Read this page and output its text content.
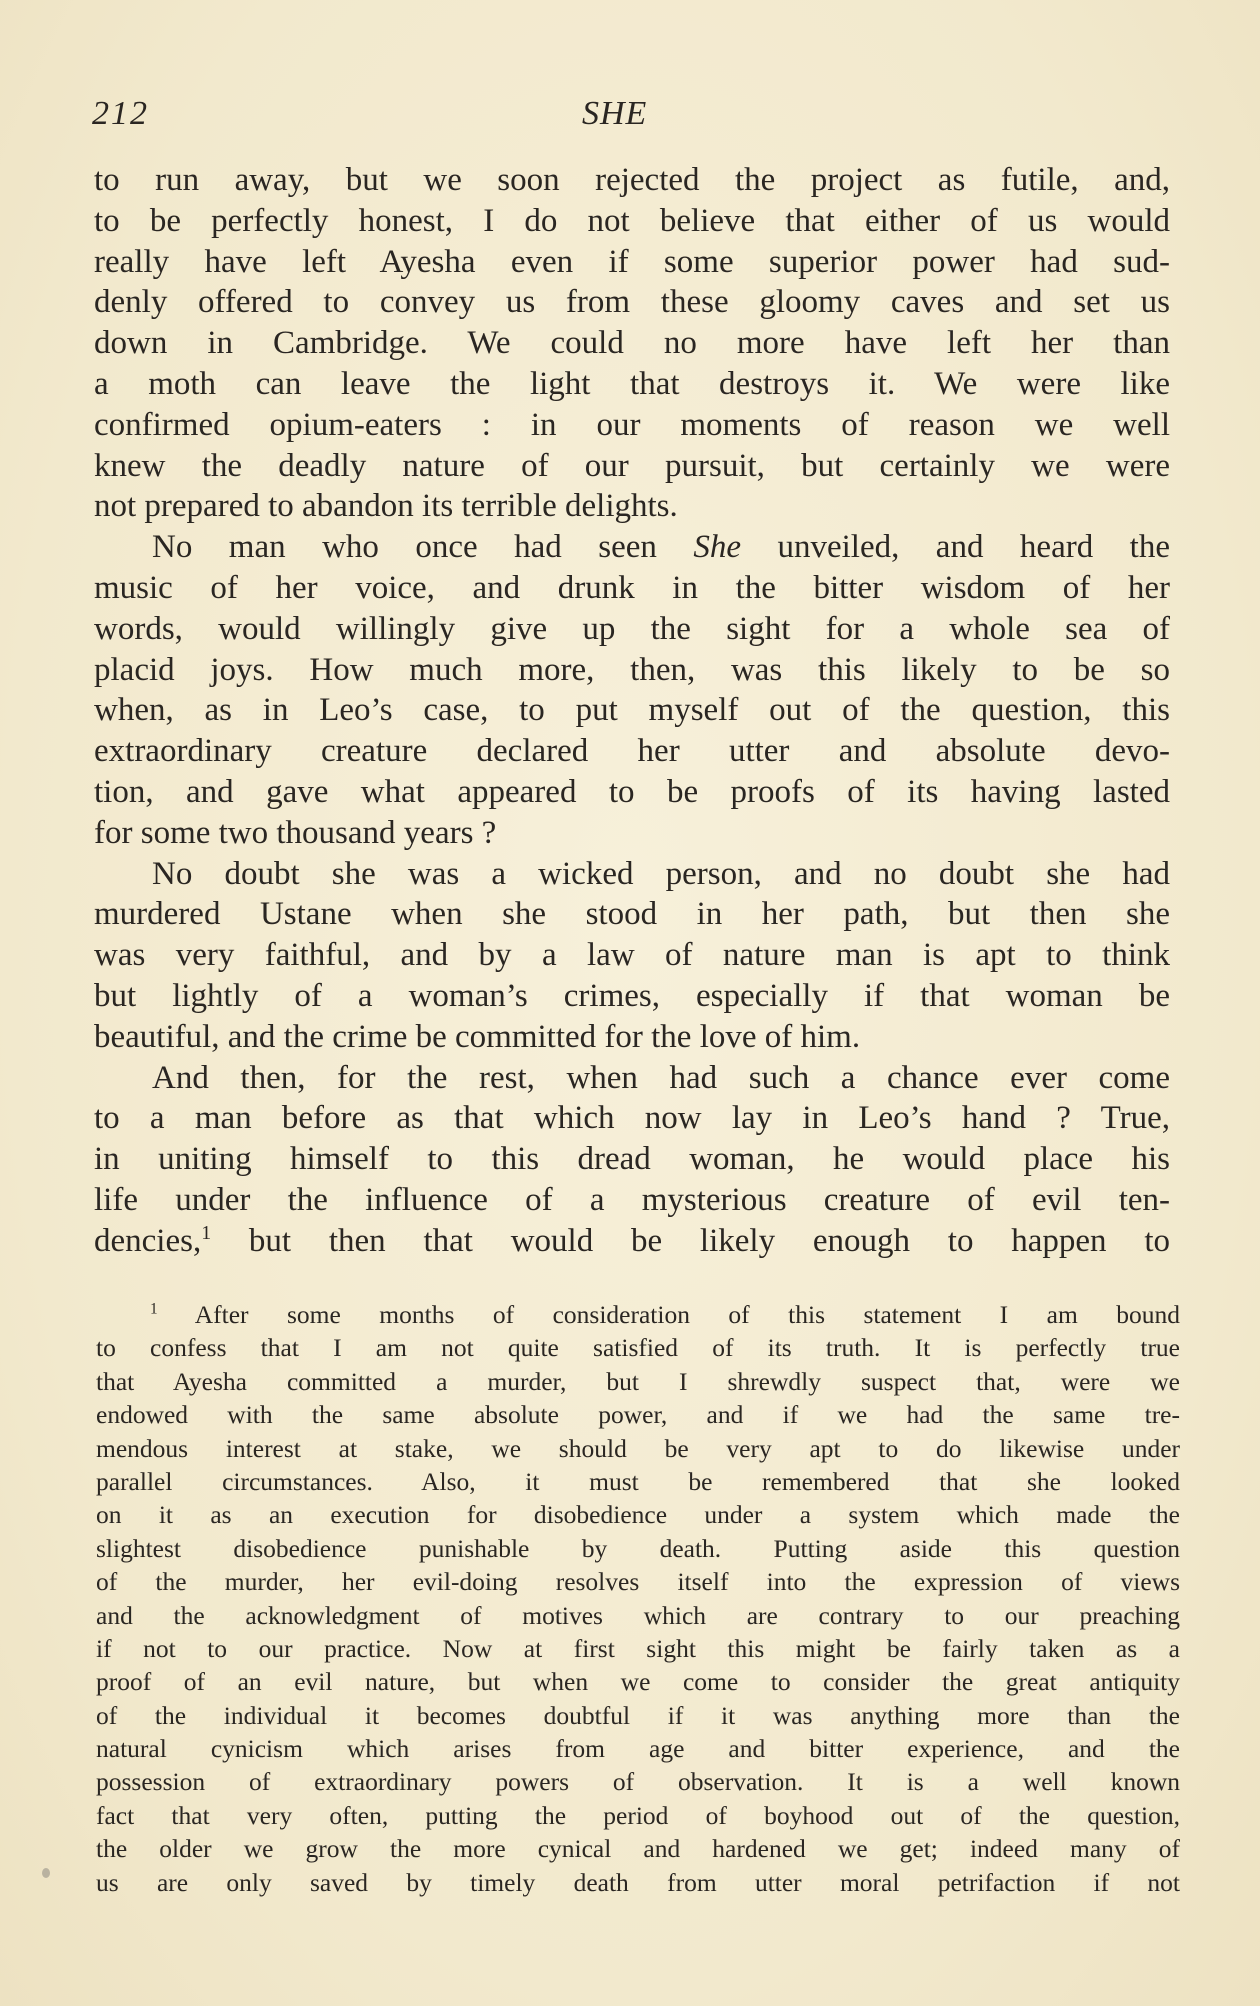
212	SHE
to run away, but we soon rejected the project as futile, and,
to be perfectly honest, I do not believe that either of us would
really have left Ayesha even if some superior power had sud-
denly offered to convey us from these gloomy caves and set us
down in Cambridge. We could no more have left her than
a moth can leave the light that destroys it. We were like
confirmed opium-eaters : in our moments of reason we well
knew the deadly nature of our pursuit, but certainly we were
not prepared to abandon its terrible delights.
No man who once had seen She unveiled, and heard the
music of her voice, and drunk in the bitter wisdom of her
words, would willingly give up the sight for a whole sea of
placid joys. How much more, then, was this likely to be so
when, as in Leo’s case, to put myself out of the question, this
extraordinary creature declared her utter and absolute devo-
tion, and gave what appeared to be proofs of its having lasted
for some two thousand years ?
No doubt she was a wicked person, and no doubt she had
murdered Ustane when she stood in her path, but then she
was very faithful, and by a law of nature man is apt to think
but lightly of a woman’s crimes, especially if that woman be
beautiful, and the crime be committed for the love of him.
And then, for the rest, when had such a chance ever come
to a man before as that which now lay in Leo’s hand ? True,
in uniting himself to this dread woman, he would place his
life under the influence of a mysterious creature of evil ten-
dencies,$^1$ but then that would be likely enough to happen to
$^1$ After some months of consideration of this statement I am bound
to confess that I am not quite satisfied of its truth. It is perfectly true
that Ayesha committed a murder, but I shrewdly suspect that, were we
endowed with the same absolute power, and if we had the same tre-
mendous interest at stake, we should be very apt to do likewise under
parallel circumstances. Also, it must be remembered that she looked
on it as an execution for disobedience under a system which made the
slightest disobedience punishable by death. Putting aside this question
of the murder, her evil-doing resolves itself into the expression of views
and the acknowledgment of motives which are contrary to our preaching
if not to our practice. Now at first sight this might be fairly taken as a
proof of an evil nature, but when we come to consider the great antiquity
of the individual it becomes doubtful if it was anything more than the
natural cynicism which arises from age and bitter experience, and the
possession of extraordinary powers of observation. It is a well known
fact that very often, putting the period of boyhood out of the question,
the older we grow the more cynical and hardened we get; indeed many of
us are only saved by timely death from utter moral petrifaction if not
